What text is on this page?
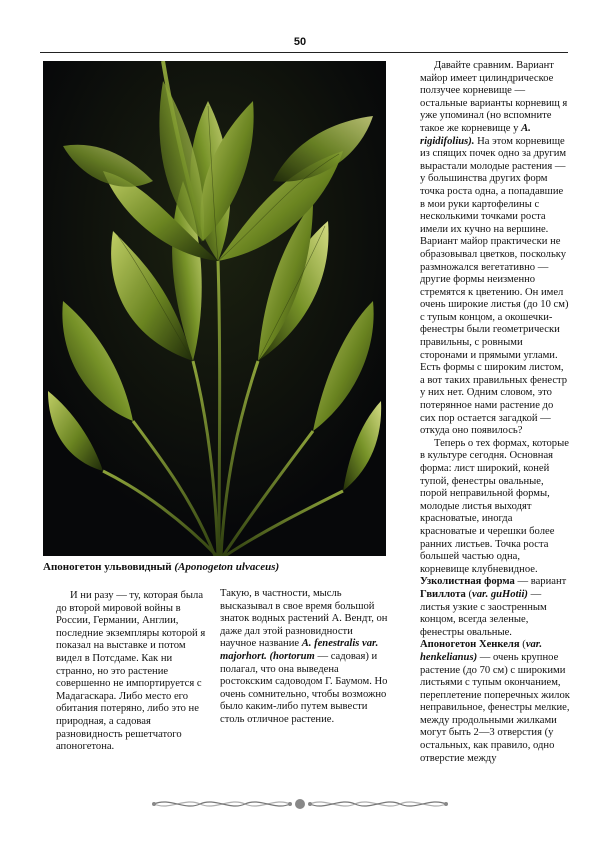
50
Апоногетон ульвовидный (Aponogeton ulvaceus)

И ни разу — ту, которая была до второй мировой войны в России, Германии, Англии, последние экземпляры которой я показал на выставке и потом видел в Потсдаме. Как ни странно, но это растение совершенно не импортируется с Мадагаскара. Либо место его обитания потеряно, либо это не природная, а садовая разновидность решетчатого апоногетона.

Такую, в частности, мысль высказывал в свое время большой знаток водных растений А. Вендт, он даже дал этой разновидности научное название A. fenestralis var. majorhort. (hortorum — садовая) и полагал, что она выведена ростокским садоводом Г. Баумом. Но очень сомнительно, чтобы возможно было каким-либо путем вывести столь отличное растение.

Давайте сравним. Вариант майор имеет цилиндрическое ползучее корневище — остальные варианты корневищ я уже упоминал (но вспомните такое же корневище у A. rigidifolius). На этом корневище из спящих почек одно за другим вырастали молодые растения — у большинства других форм точка роста одна, а попадавшие в мои руки картофелины с несколькими точками роста имели их кучно на вершине. Вариант майор практически не образовывал цветков, поскольку размножался вегетативно — другие формы неизменно стремятся к цветению. Он имел очень широкие листья (до 10 см) с тупым концом, а окошечки-фенестры были геометрически правильны, с ровными сторонами и прямыми углами. Есть формы с широким листом, а вот таких правильных фенестр у них нет. Одним словом, это потерянное нами растение до сих пор остается загадкой — откуда оно появилось?

Теперь о тех формах, которые в культуре сегодня. Основная форма: лист широкий, коней тупой, фенестры овальные, порой неправильной формы, молодые листья выходят красноватые, иногда красноватые и черешки более ранних листьев. Точка роста большей частью одна, корневище клубневидное. Узколистная форма — вариант Гвиллота (var. guHotii) — листья узкие с заостренным концом, всегда зеленые, фенестры овальные. Апоногетон Хенкеля (var. henkelianus) — очень крупное растение (до 70 см) с широкими листьями с тупым окончанием, переплетение поперечных жилок неправильное, фенестры мелкие, между продольными жилками могут быть 2—3 отверстия (у остальных, как правило, одно отверстие между
